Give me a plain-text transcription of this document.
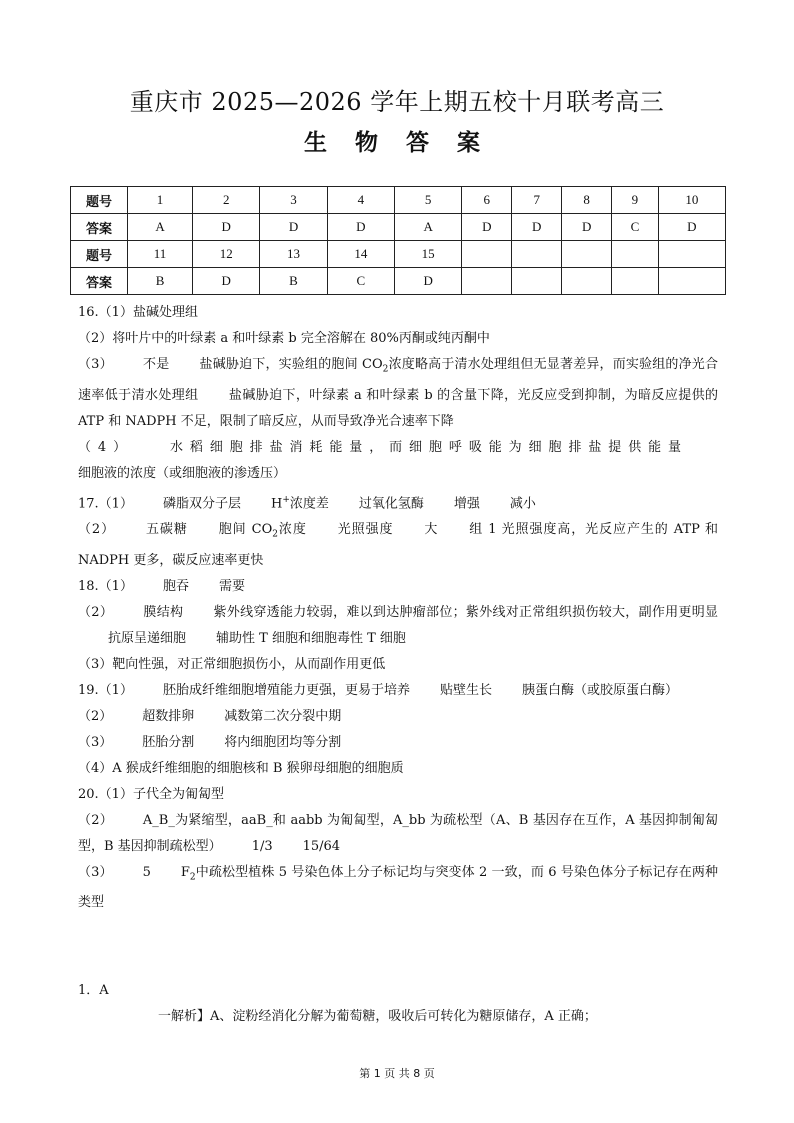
重庆市 2025—2026 学年上期五校十月联考高三
生 物 答 案
题号	1	2	3	4	5	6	7	8	9	10
答案	A	D	D	D	A	D	D	D	C	D
题号	11	12	13	14	15					
答案	B	D	B	C	D					

16.（1）盐碱处理组

（2）将叶片中的叶绿素 a 和叶绿素 b 完全溶解在 80%丙酮或纯丙酮中

（3） 不是 盐碱胁迫下，实验组的胞间 $CO_2$浓度略高于清水处理组但无显著差异，而实验组的净光合速率低于清水处理组 盐碱胁迫下，叶绿素 a 和叶绿素 b 的含量下降，光反应受到抑制，为暗反应提供的 ATP 和 NADPH 不足，限制了暗反应，从而导致净光合速率下降

（4） 水稻细胞排盐消耗能量，而细胞呼吸能为细胞排盐提供能量细胞液的浓度（或细胞液的渗透压）

17.（1） 磷脂双分子层 H+浓度差 过氧化氢酶 增强 减小

（2） 五碳糖 胞间 $CO_2$浓度 光照强度 大 组 1 光照强度高，光反应产生的 ATP 和 NADPH 更多，碳反应速率更快

18.（1） 胞吞 需要

（2） 膜结构 紫外线穿透能力较弱，难以到达肿瘤部位；紫外线对正常组织损伤较大，副作用更明显抗原呈递细胞 辅助性 T 细胞和细胞毒性 T 细胞

（3）靶向性强，对正常细胞损伤小，从而副作用更低

19.（1） 胚胎成纤维细胞增殖能力更强，更易于培养 贴壁生长 胰蛋白酶（或胶原蛋白酶）

（2） 超数排卵 减数第二次分裂中期

（3） 胚胎分割 将内细胞团均等分割

（4）A 猴成纤维细胞的细胞核和 B 猴卵母细胞的细胞质

20.（1）子代全为匍匐型

（2） A_B_为紧缩型，aaB_和 aabb 为匍匐型，A_bb 为疏松型（A、B 基因存在互作，A 基因抑制匍匐型，B 基因抑制疏松型） 1/3 15/64

（3） 5 $F_2$中疏松型植株 5 号染色体上分子标记均与突变体 2 一致，而 6 号染色体分子标记存在两种类型

1．A

一解析】A、淀粉经消化分解为葡萄糖，吸收后可转化为糖原储存，A 正确；

第 1 页 共 8 页
